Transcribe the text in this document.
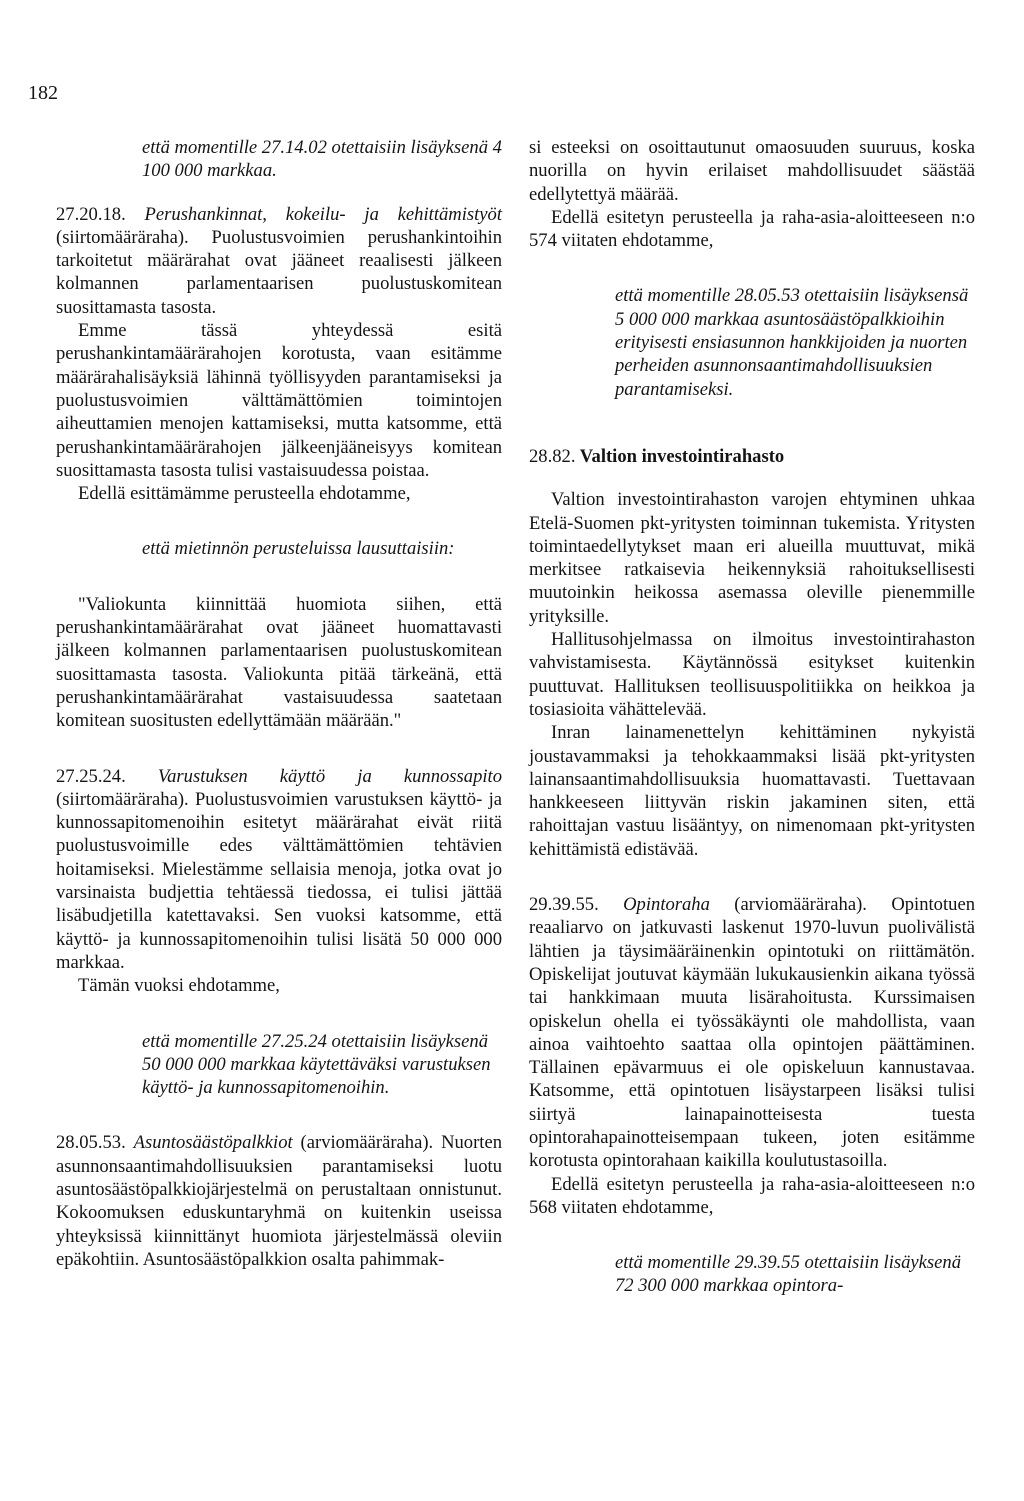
182

että momentille 27.14.02 otettaisiin lisäyksenä 4 100 000 markkaa.

27.20.18. Perushankinnat, kokeilu- ja kehittämistyöt (siirtomääräraha). Puolustusvoimien perushankintoihin tarkoitetut määrärahat ovat jääneet reaalisesti jälkeen kolmannen parlamentaarisen puolustuskomitean suosittamasta tasosta.

Emme tässä yhteydessä esitä perushankintamäärärahojen korotusta, vaan esitämme määrärahalisäyksiä lähinnä työllisyyden parantamiseksi ja puolustusvoimien välttämättömien toimintojen aiheuttamien menojen kattamiseksi, mutta katsomme, että perushankintamäärärahojen jälkeenjääneisyys komitean suosittamasta tasosta tulisi vastaisuudessa poistaa.

Edellä esittämämme perusteella ehdotamme,

että mietinnön perusteluissa lausuttaisiin:

"Valiokunta kiinnittää huomiota siihen, että perushankintamäärärahat ovat jääneet huomattavasti jälkeen kolmannen parlamentaarisen puolustuskomitean suosittamasta tasosta. Valiokunta pitää tärkeänä, että perushankintamäärärahat vastaisuudessa saatetaan komitean suositusten edellyttämään määrään."

27.25.24. Varustuksen käyttö ja kunnossapito (siirtomääräraha). Puolustusvoimien varustuksen käyttö- ja kunnossapitomenoihin esitetyt määrärahat eivät riitä puolustusvoimille edes välttämättömien tehtävien hoitamiseksi. Mielestämme sellaisia menoja, jotka ovat jo varsinaista budjettia tehtäessä tiedossa, ei tulisi jättää lisäbudjetilla katettavaksi. Sen vuoksi katsomme, että käyttö- ja kunnossapitomenoihin tulisi lisätä 50 000 000 markkaa.

Tämän vuoksi ehdotamme,

että momentille 27.25.24 otettaisiin lisäyksenä 50 000 000 markkaa käytettäväksi varustuksen käyttö- ja kunnossapitomenoihin.

28.05.53. Asuntosäästöpalkkiot (arviomääräraha). Nuorten asunnonsaantimahdollisuuksien parantamiseksi luotu asuntosäästöpalkkiojärjestelmä on perustaltaan onnistunut. Kokoomuksen eduskuntaryhmä on kuitenkin useissa yhteyksissä kiinnittänyt huomiota järjestelmässä oleviin epäkohtiin. Asuntosäästöpalkkion osalta pahimmak-

si esteeksi on osoittautunut omaosuuden suuruus, koska nuorilla on hyvin erilaiset mahdollisuudet säästää edellytettyä määrää.

Edellä esitetyn perusteella ja raha-asia-aloitteeseen n:o 574 viitaten ehdotamme,

että momentille 28.05.53 otettaisiin lisäyksensä 5 000 000 markkaa asuntosäästöpalkkioihin erityisesti ensiasunnon hankkijoiden ja nuorten perheiden asunnonsaantimahdollisuuksien parantamiseksi.

28.82. Valtion investointirahasto

Valtion investointirahaston varojen ehtyminen uhkaa Etelä-Suomen pkt-yritysten toiminnan tukemista. Yritysten toimintaedellytykset maan eri alueilla muuttuvat, mikä merkitsee ratkaisevia heikennyksiä rahoituksellisesti muutoinkin heikossa asemassa oleville pienemmille yrityksille.

Hallitusohjelmassa on ilmoitus investointirahaston vahvistamisesta. Käytännössä esitykset kuitenkin puuttuvat. Hallituksen teollisuuspolitiikka on heikkoa ja tosiasioita vähättelevää.

Inran lainamenettelyn kehittäminen nykyistä joustavammaksi ja tehokkaammaksi lisää pkt-yritysten lainansaantimahdollisuuksia huomattavasti. Tuettavaan hankkeeseen liittyvän riskin jakaminen siten, että rahoittajan vastuu lisääntyy, on nimenomaan pkt-yritysten kehittämistä edistävää.

29.39.55. Opintoraha (arviomääräraha). Opintotuen reaaliarvo on jatkuvasti laskenut 1970-luvun puolivälistä lähtien ja täysimääräinenkin opintotuki on riittämätön. Opiskelijat joutuvat käymään lukukausienkin aikana työssä tai hankkimaan muuta lisärahoitusta. Kurssimaisen opiskelun ohella ei työssäkäynti ole mahdollista, vaan ainoa vaihtoehto saattaa olla opintojen päättäminen. Tällainen epävarmuus ei ole opiskeluun kannustavaa. Katsomme, että opintotuen lisäystarpeen lisäksi tulisi siirtyä lainapainotteisesta tuesta opintorahapainotteisempaan tukeen, joten esitämme korotusta opintorahaan kaikilla koulutustasoilla.

Edellä esitetyn perusteella ja raha-asia-aloitteeseen n:o 568 viitaten ehdotamme,

että momentille 29.39.55 otettaisiin lisäyksenä 72 300 000 markkaa opintora-
